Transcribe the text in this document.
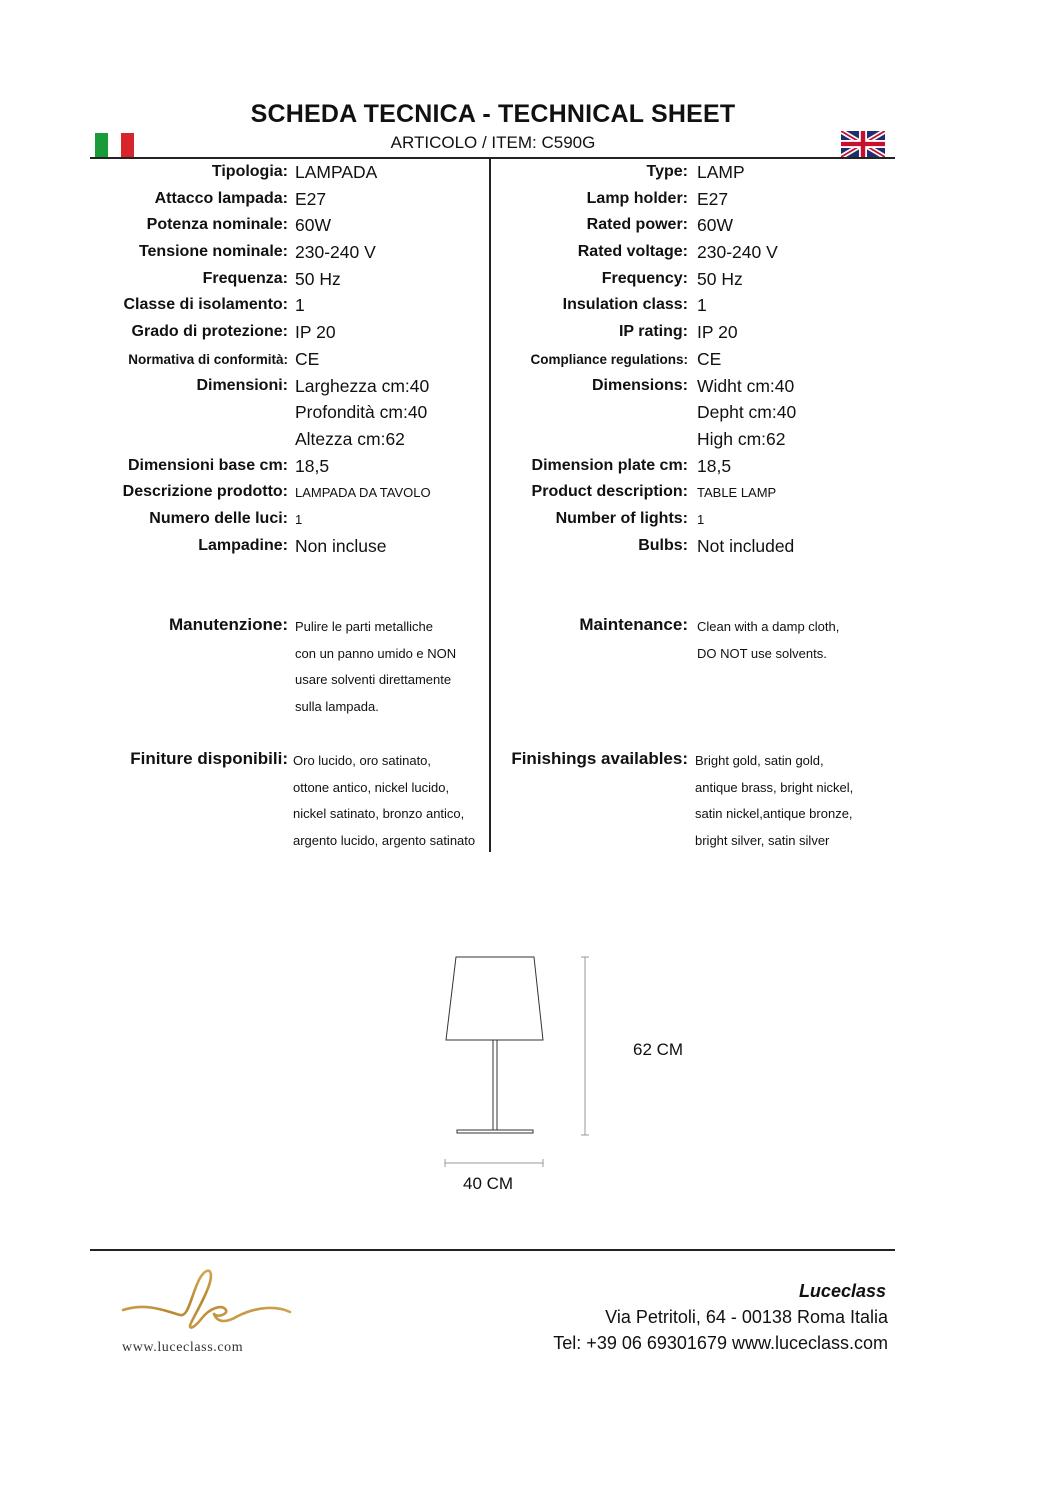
SCHEDA TECNICA - TECHNICAL SHEET
ARTICOLO / ITEM: C590G
Tipologia: LAMPADA
Attacco lampada: E27
Potenza nominale: 60W
Tensione nominale: 230-240 V
Frequenza: 50 Hz
Classe di isolamento: 1
Grado di protezione: IP 20
Normativa di conformità: CE
Dimensioni: Larghezza cm:40
Profondità cm:40
Altezza cm:62
Dimensioni base cm: 18,5
Descrizione prodotto: LAMPADA DA TAVOLO
Numero delle luci: 1
Lampadine: Non incluse
Manutenzione: Pulire le parti metalliche
con un panno umido e NON
usare solventi direttamente
sulla lampada.
Finiture disponibili: Oro lucido, oro satinato,
ottone antico, nickel lucido,
nickel satinato, bronzo antico,
argento lucido, argento satinato
Type: LAMP
Lamp holder: E27
Rated power: 60W
Rated voltage: 230-240 V
Frequency: 50 Hz
Insulation class: 1
IP rating: IP 20
Compliance regulations: CE
Dimensions: Widht cm:40
Depht cm:40
High cm:62
Dimension plate cm: 18,5
Product description: TABLE LAMP
Number of lights: 1
Bulbs: Not included
Maintenance: Clean with a damp cloth,
DO NOT use solvents.
Finishings availables: Bright gold, satin gold,
antique brass, bright nickel,
satin nickel,antique bronze,
bright silver, satin silver
62 CM
40 CM
www.luceclass.com
Luceclass
Via Petritoli, 64 - 00138 Roma Italia
Tel: +39 06 69301679 www.luceclass.com
